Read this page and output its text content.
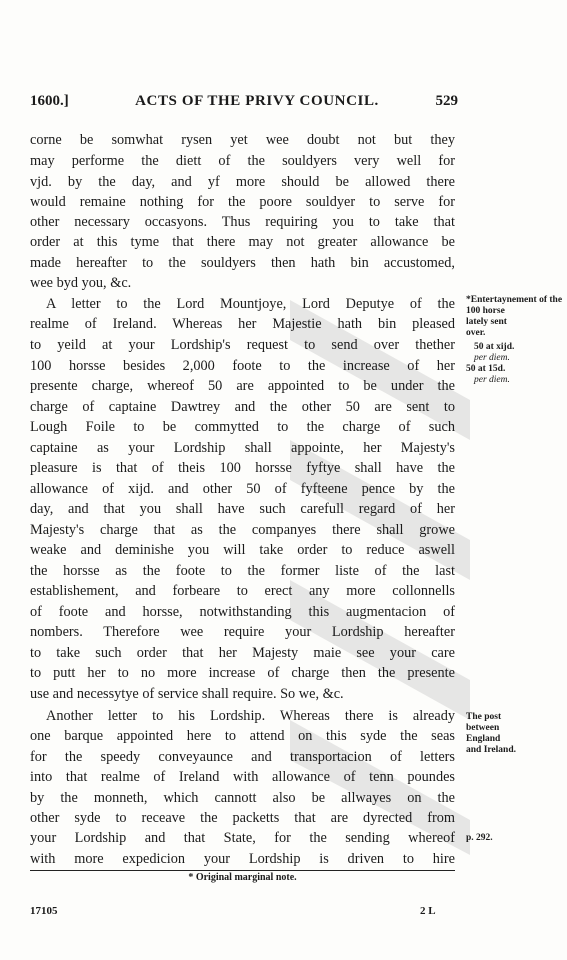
1600.]	ACTS OF THE PRIVY COUNCIL.	529
corne be somwhat rysen yet wee doubt not but they
may performe the diett of the souldyers very well for
vjd. by the day, and yf more should be allowed there
would remaine nothing for the poore souldyer to serve for
other necessary occasyons. Thus requiring you to take that
order at this tyme that there may not greater allowance be
made hereafter to the souldyers then hath bin accustomed,
wee byd you, &c.
A letter to the Lord Mountjoye, Lord Deputye of the
realme of Ireland. Whereas her Majestie hath bin pleased
to yeild at your Lordship's request to send over thether
100 horsse besides 2,000 foote to the increase of her
presente charge, whereof 50 are appointed to be under the
charge of captaine Dawtrey and the other 50 are sent to
Lough Foile to be commytted to the charge of such
captaine as your Lordship shall appointe, her Majesty's
pleasure is that of theis 100 horsse fyftye shall have the
allowance of xijd. and other 50 of fyfteene pence by the
day, and that you shall have such carefull regard of her
Majesty's charge that as the companyes there shall growe
weake and deminishe you will take order to reduce aswell
the horsse as the foote to the former liste of the last
establishement, and forbeare to erect any more collonnells
of foote and horsse, notwithstanding this augmentacion of
nombers. Therefore wee require your Lordship hereafter
to take such order that her Majesty maie see your care
to putt her to no more increase of charge then the presente
use and necessytye of service shall require. So we, &c.
Another letter to his Lordship. Whereas there is already
one barque appointed here to attend on this syde the seas
for the speedy conveyaunce and transportacion of letters
into that realme of Ireland with allowance of tenn poundes
by the monneth, which cannott also be allwayes on the
other syde to receave the packetts that are dyrected from
your Lordship and that State, for the sending whereof
with more expedicion your Lordship is driven to hire
*Entertaynement of the
100 horse
lately sent
over.
50 at xijd.
per diem.
50 at 15d.
per diem.
The post
between
England
and Ireland.
p. 292.
* Original marginal note.
17105	2 L
